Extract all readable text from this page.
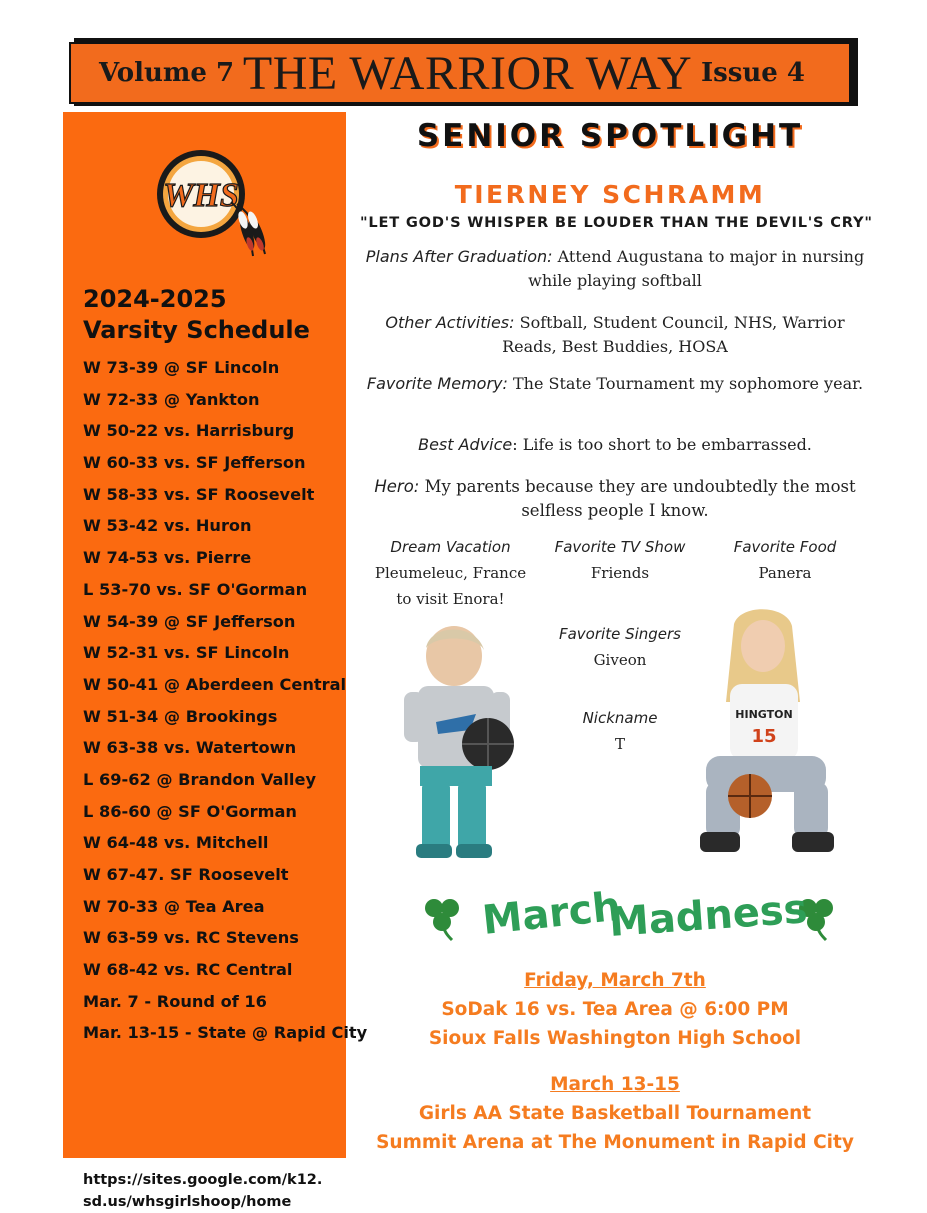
Volume 7 THE WARRIOR WAY Issue 4
WHS
2024-2025
Varsity Schedule
W 73-39 @ SF Lincoln
W 72-33 @ Yankton
W 50-22 vs. Harrisburg
W 60-33 vs. SF Jefferson
W 58-33 vs. SF Roosevelt
W 53-42 vs. Huron
W 74-53 vs. Pierre
L 53-70 vs. SF O'Gorman
W 54-39 @ SF Jefferson
W 52-31 vs. SF Lincoln
W 50-41 @ Aberdeen Central
W 51-34 @ Brookings
W 63-38 vs. Watertown
L 69-62 @ Brandon Valley
L 86-60 @ SF O'Gorman
W 64-48 vs. Mitchell
W 67-47. SF Roosevelt
W 70-33 @ Tea Area
W 63-59 vs. RC Stevens
W 68-42 vs. RC Central
Mar. 7 - Round of 16
Mar. 13-15 - State @ Rapid City
https://sites.google.com/k12.
sd.us/whsgirlshoop/home
SENIOR SPOTLIGHT
TIERNEY SCHRAMM
"LET GOD'S WHISPER BE LOUDER THAN THE DEVIL'S CRY"
Plans After Graduation: Attend Augustana to major in nursing while playing softball
Other Activities: Softball, Student Council, NHS, Warrior Reads, Best Buddies, HOSA
Favorite Memory: The State Tournament my sophomore year.
Best Advice: Life is too short to be embarrassed.
Hero: My parents because they are undoubtedly the most selfless people I know.
Dream Vacation
Pleumeleuc, France
to visit Enora!
Favorite TV Show
Friends
Favorite Food
Panera
Favorite Singers
Giveon
Nickname
T
HINGTON
15
March
Madness
Friday, March 7th
SoDak 16 vs. Tea Area @ 6:00 PM
Sioux Falls Washington High School
March 13-15
Girls AA State Basketball Tournament
Summit Arena at The Monument in Rapid City
